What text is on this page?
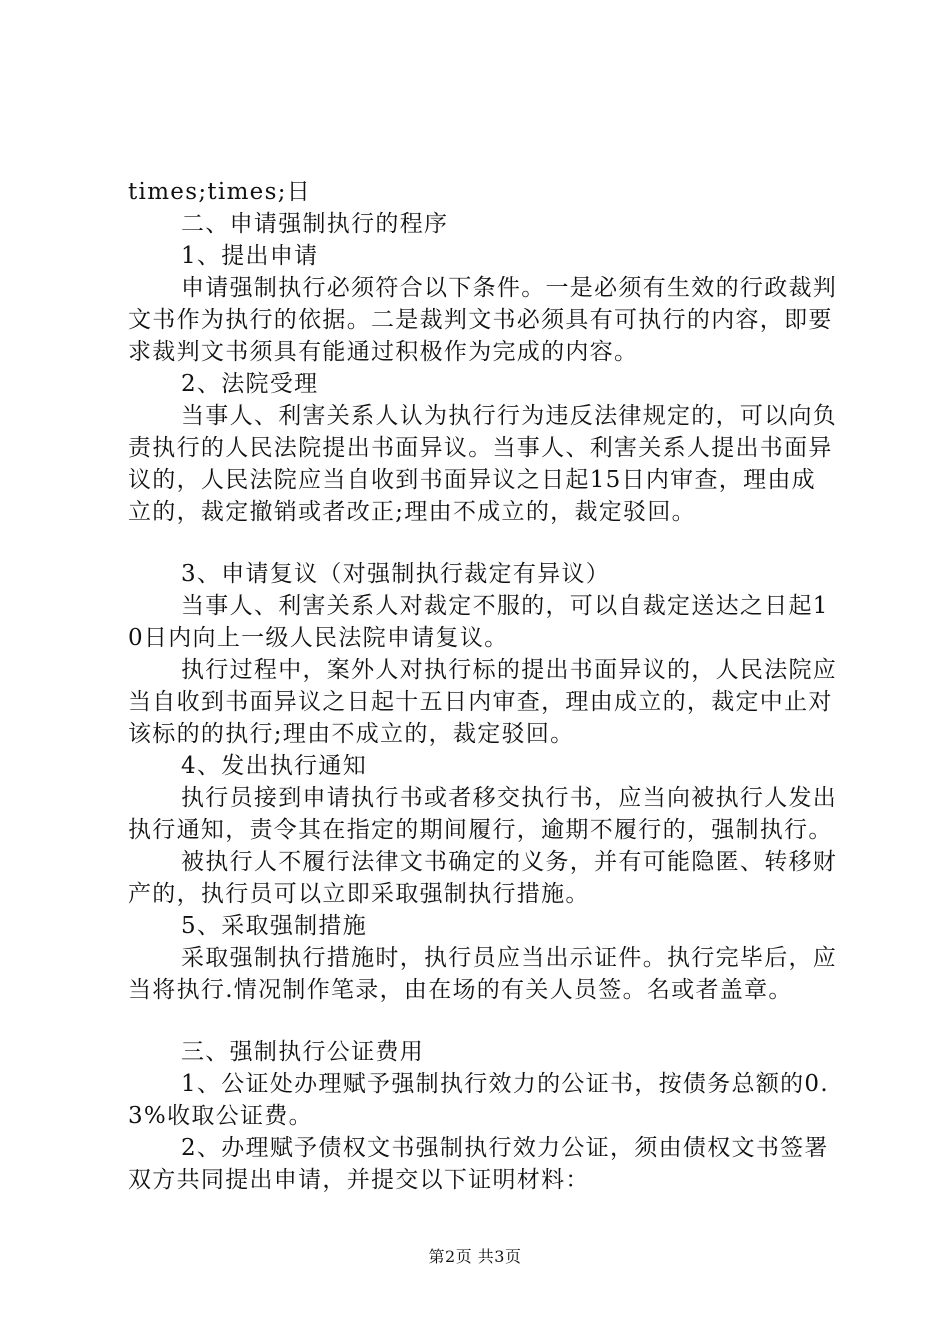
times;times;日

二、申请强制执行的程序

1、提出申请

申请强制执行必须符合以下条件。一是必须有生效的行政裁判文书作为执行的依据。二是裁判文书必须具有可执行的内容，即要求裁判文书须具有能通过积极作为完成的内容。

2、法院受理

当事人、利害关系人认为执行行为违反法律规定的，可以向负责执行的人民法院提出书面异议。当事人、利害关系人提出书面异议的，人民法院应当自收到书面异议之日起15日内审查，理由成立的，裁定撤销或者改正;理由不成立的，裁定驳回。

3、申请复议（对强制执行裁定有异议）

当事人、利害关系人对裁定不服的，可以自裁定送达之日起10日内向上一级人民法院申请复议。

执行过程中，案外人对执行标的提出书面异议的，人民法院应当自收到书面异议之日起十五日内审查，理由成立的，裁定中止对该标的的执行;理由不成立的，裁定驳回。

4、发出执行通知

执行员接到申请执行书或者移交执行书，应当向被执行人发出执行通知，责令其在指定的期间履行，逾期不履行的，强制执行。

被执行人不履行法律文书确定的义务，并有可能隐匿、转移财产的，执行员可以立即采取强制执行措施。

5、采取强制措施

采取强制执行措施时，执行员应当出示证件。执行完毕后，应当将执行.情况制作笔录，由在场的有关人员签。名或者盖章。

三、强制执行公证费用

1、公证处办理赋予强制执行效力的公证书，按债务总额的0.3%收取公证费。

2、办理赋予债权文书强制执行效力公证，须由债权文书签署双方共同提出申请，并提交以下证明材料：

第2页 共3页
